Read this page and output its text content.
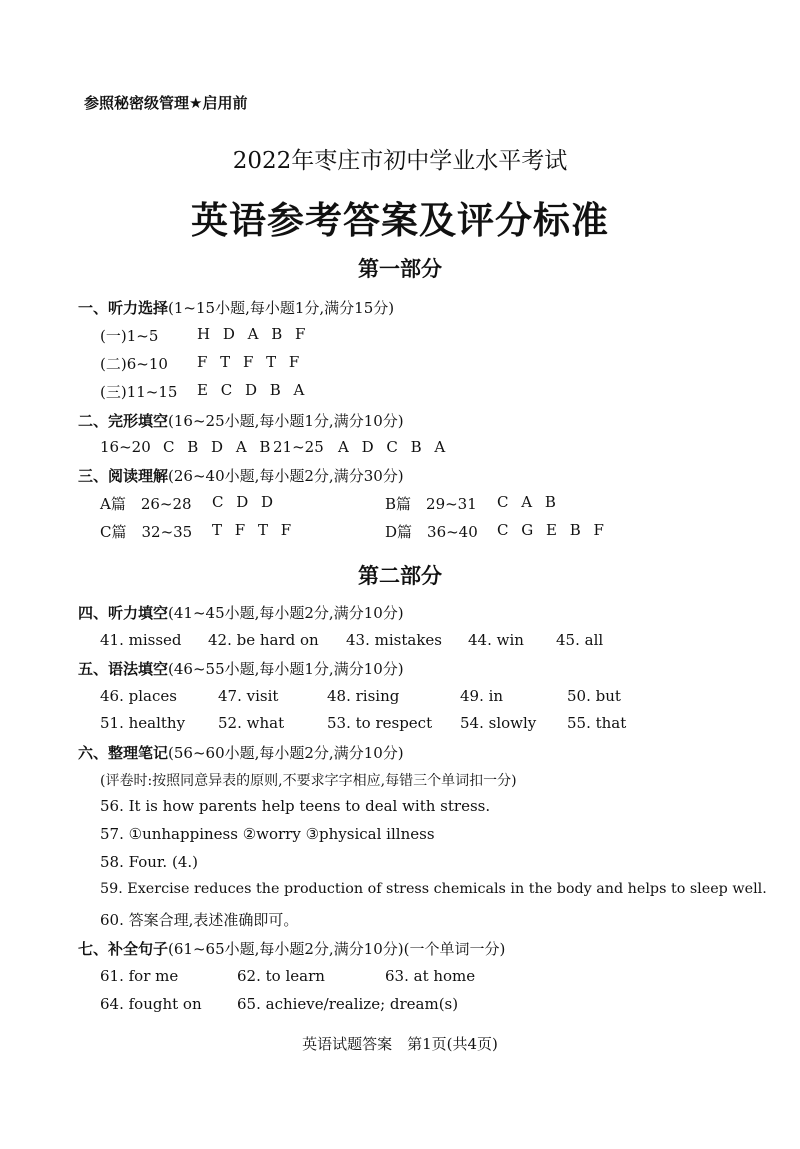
参照秘密级管理★启用前
2022年枣庄市初中学业水平考试
英语参考答案及评分标准
第一部分
一、听力选择(1~15小题,每小题1分,满分15分)
(一)1~5	H D A B F
(二)6~10 F T F T F
(三)11~15 E C D B A
二、完形填空(16~25小题,每小题1分,满分10分)
16~20 C B D A B
21~25 A D C B A
三、阅读理解(26~40小题,每小题2分,满分30分)
A篇　26~28 C D D	B篇　29~31 C A B
C篇　32~35 T F T F	D篇　36~40 C G E B F
第二部分
四、听力填空(41~45小题,每小题2分,满分10分)
41. missed 42. be hard on 43. mistakes 44. win 45. all
五、语法填空(46~55小题,每小题1分,满分10分)
46. places	47. visit	48. rising	49. in	50. but
51. healthy 52. what	53. to respect 54. slowly 55. that
六、整理笔记(56~60小题,每小题2分,满分10分)
(评卷时:按照同意异表的原则,不要求字字相应,每错三个单词扣一分)
56. It is how parents help teens to deal with stress.
57. ①unhappiness ②worry ③physical illness
58. Four. (4.)
59. Exercise reduces the production of stress chemicals in the body and helps to sleep well.
60. 答案合理,表述准确即可。
七、补全句子(61~65小题,每小题2分,满分10分)(一个单词一分)
61. for me	62. to learn	63. at home
64. fought on 65. achieve/realize; dream(s)
英语试题答案　第1页(共4页)
